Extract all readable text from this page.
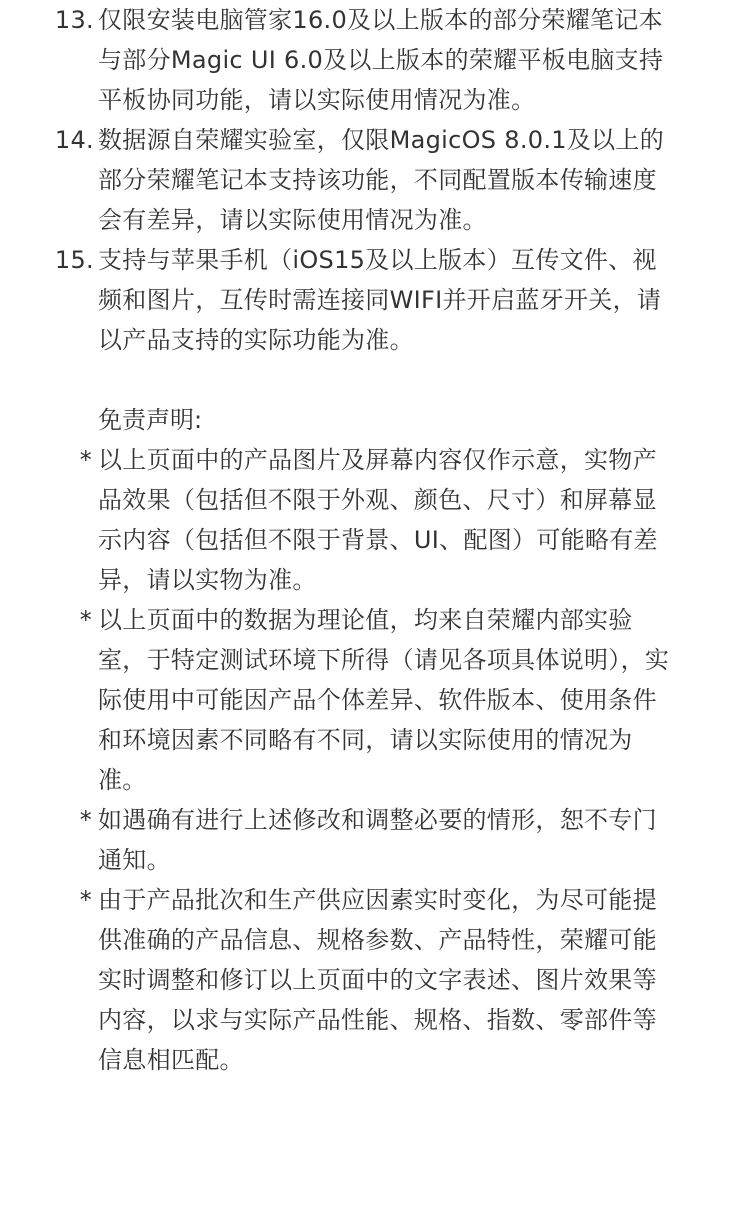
13. 仅限安装电脑管家16.0及以上版本的部分荣耀笔记本与部分Magic UI 6.0及以上版本的荣耀平板电脑支持平板协同功能，请以实际使用情况为准。
14. 数据源自荣耀实验室，仅限MagicOS 8.0.1及以上的部分荣耀笔记本支持该功能，不同配置版本传输速度会有差异，请以实际使用情况为准。
15. 支持与苹果手机（iOS15及以上版本）互传文件、视频和图片，互传时需连接同WIFI并开启蓝牙开关，请以产品支持的实际功能为准。
免责声明:
* 以上页面中的产品图片及屏幕内容仅作示意，实物产品效果（包括但不限于外观、颜色、尺寸）和屏幕显示内容（包括但不限于背景、UI、配图）可能略有差异，请以实物为准。
* 以上页面中的数据为理论值，均来自荣耀内部实验室，于特定测试环境下所得（请见各项具体说明），实际使用中可能因产品个体差异、软件版本、使用条件和环境因素不同略有不同，请以实际使用的情况为准。
* 如遇确有进行上述修改和调整必要的情形，恕不专门通知。
* 由于产品批次和生产供应因素实时变化，为尽可能提供准确的产品信息、规格参数、产品特性，荣耀可能实时调整和修订以上页面中的文字表述、图片效果等内容，以求与实际产品性能、规格、指数、零部件等信息相匹配。
